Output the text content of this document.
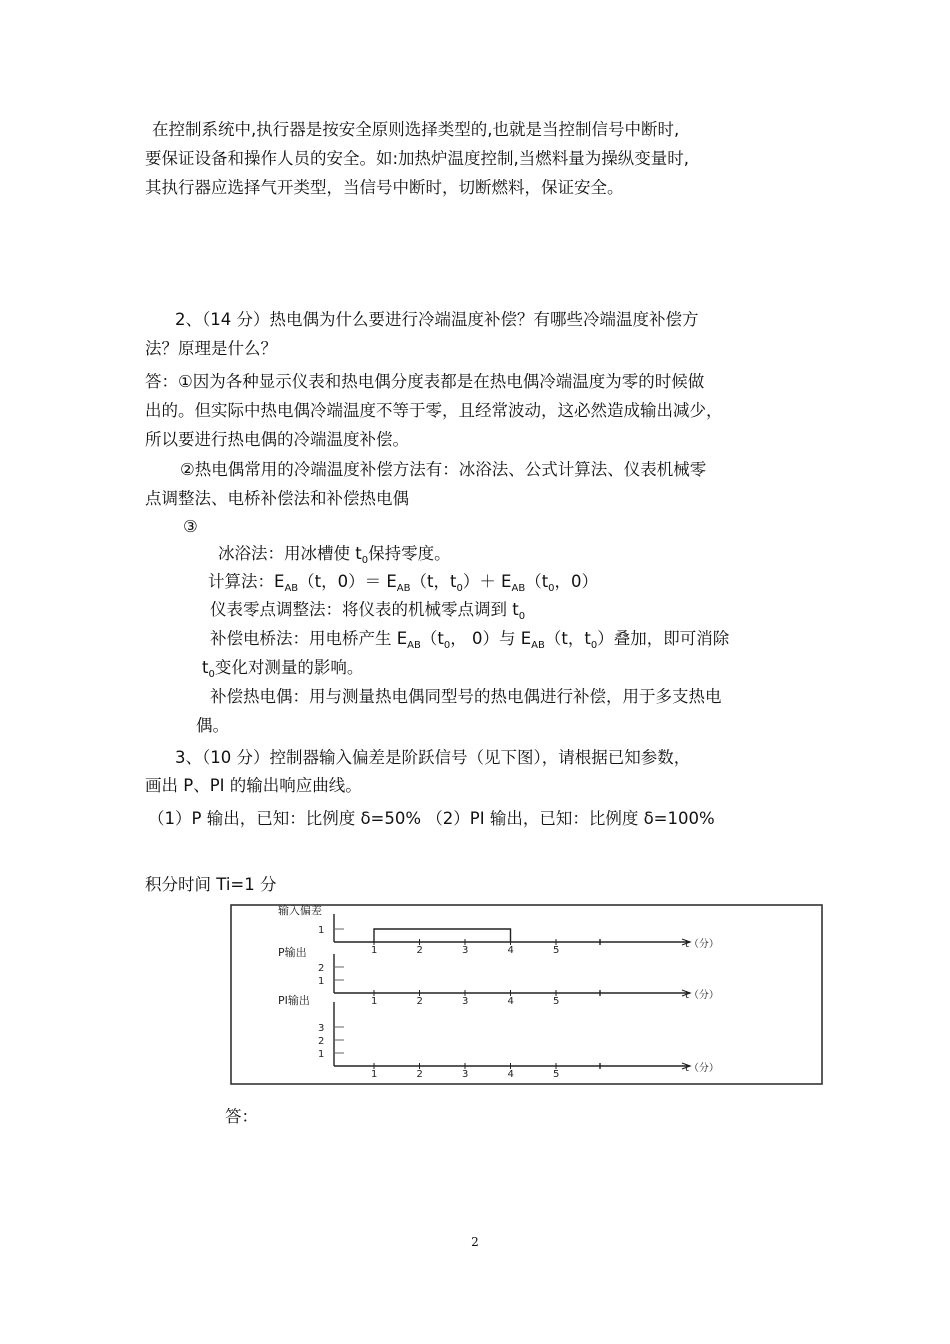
在控制系统中,执行器是按安全原则选择类型的,也就是当控制信号中断时,
要保证设备和操作人员的安全。如:加热炉温度控制,当燃料量为操纵变量时,
其执行器应选择气开类型，当信号中断时，切断燃料，保证安全。
2、（14 分）热电偶为什么要进行冷端温度补偿？有哪些冷端温度补偿方
法？原理是什么？
答：①因为各种显示仪表和热电偶分度表都是在热电偶冷端温度为零的时候做
出的。但实际中热电偶冷端温度不等于零，且经常波动，这必然造成输出减少，
所以要进行热电偶的冷端温度补偿。
②热电偶常用的冷端温度补偿方法有：冰浴法、公式计算法、仪表机械零
点调整法、电桥补偿法和补偿热电偶
③
冰浴法：用冰槽使 $t_0$保持零度。
计算法：$E_{AB}(t$，$0)= E_{AB}(t$，$t_0)+ E_{AB}(t_0$，0）
仪表零点调整法：将仪表的机械零点调到 $t_0$
补偿电桥法：用电桥产生 $E_{AB}(t_0$， 0）与 $E_{AB}(t$，$t_0$）叠加，即可消除
$t_0$变化对测量的影响。
补偿热电偶：用与测量热电偶同型号的热电偶进行补偿，用于多支热电
偶。
3、（10 分）控制器输入偏差是阶跃信号（见下图），请根据已知参数，
画出 P、PI 的输出响应曲线。
（1）P 输出，已知：比例度 δ=50% （2）PI 输出，已知：比例度 δ=100%
积分时间 Ti=1 分
输入偏差
1
1	2	3	4	5
t（分）
P输出
2
1
1	2	3	4	5
t（分）
PI输出
3
2
1
1	2	3	4	5
t（分）
答：
2
